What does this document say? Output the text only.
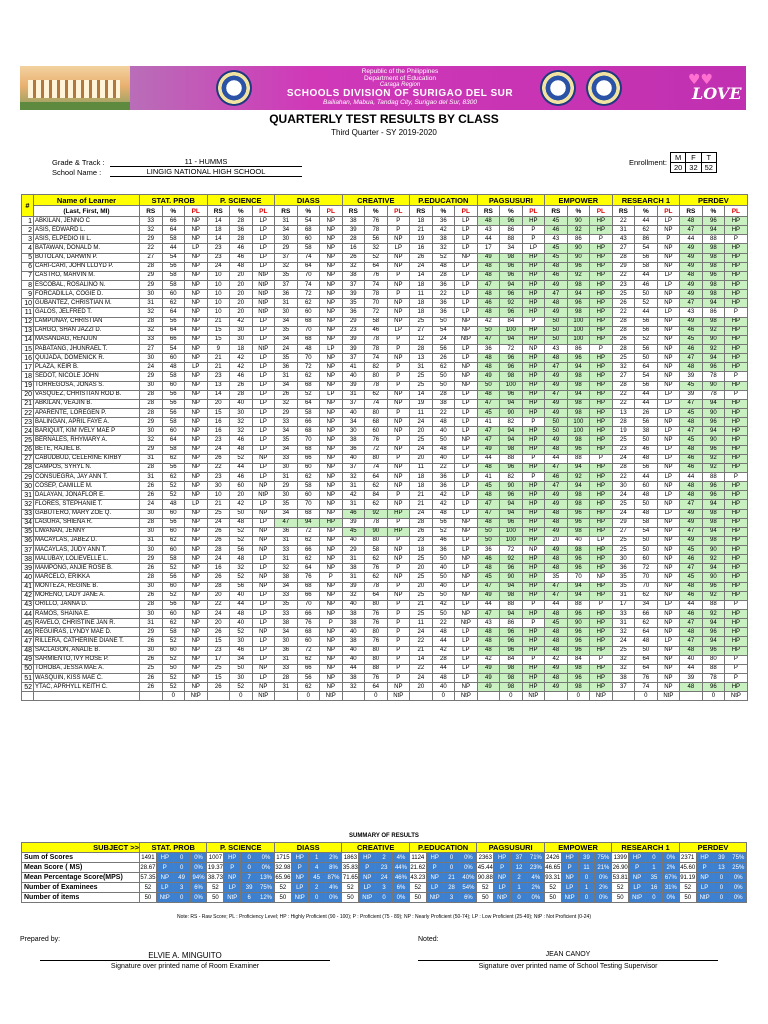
Republic of the Philippines
Department of Education
Caraga Region
SCHOOLS DIVISION OF SURIGAO DEL SUR
Bailiahan, Mabua, Tandag City, Surigao del Sur, 8300
♥♥
LOVE
QUARTERLY TEST RESULTS BY CLASS
Third Quarter - SY 2019-2020
Grade & Track :	11 - HUMMS
School Name :	LINGIG NATIONAL HIGH SCHOOL
Enrollment:	M	F	T
	20	32	52
#	Name of Learner	STAT. PROB			P. SCIENCE			DIASS			CREATIVE			P.EDUCATION			PAGSUSURI			EMPOWER			RESEARCH 1			PERDEV		
	(Last, First, MI)	RS	%	PL	RS	%	PL	RS	%	PL	RS	%	PL	RS	%	PL	RS	%	PL	RS	%	PL	RS	%	PL	RS	%	PL
1	ABKILAN, JENNO C	33	66	NP	14	28	LP	31	54	NP	38	76	P	18	36	LP	48	96	HP	45	90	HP	22	44	LP	48	96	HP
2	ASIS, EDWARD L.	32	64	NP	18	36	LP	34	68	NP	39	78	P	21	42	LP	43	86	P	46	92	HP	31	62	NP	47	94	HP
3	ASIS, ELPEDIO III L.	29	58	NP	14	28	LP	30	60	NP	28	56	NP	19	38	LP	44	88	P	43	86	P	43	86	P	44	88	P
4	BATAWAN, DONALD M.	22	44	LP	23	46	LP	29	58	NP	16	32	LP	16	32	LP	17	34	LP	45	90	HP	27	54	NP	49	98	HP
5	BUTOLAN, DARWIN P.	27	54	NP	23	46	LP	37	74	NP	26	52	NP	26	52	NP	49	98	HP	45	90	HP	28	56	NP	49	98	HP
6	CARI-CARI, JOHN LLOYD P.	28	56	NP	24	48	LP	32	64	NP	32	64	NP	24	48	LP	48	96	HP	48	96	HP	29	58	NP	49	98	HP
7	CASTRO, MARVIN M.	29	58	NP	10	20	NtP	35	70	NP	38	76	P	14	28	LP	48	96	HP	46	92	HP	22	44	LP	48	96	HP
8	ESCOBAL, ROSALINO N.	29	58	NP	10	20	NtP	37	74	NP	37	74	NP	18	36	LP	47	94	HP	49	98	HP	23	46	LP	49	98	HP
9	FORCADILLA, COGIE D.	30	60	NP	10	20	NtP	36	72	NP	39	78	P	11	22	LP	48	96	HP	47	94	HP	25	50	NP	49	98	HP
10	GUBANTEZ, CHRISTIAN M.	31	62	NP	10	20	NtP	31	62	NP	35	70	NP	18	36	LP	46	92	HP	48	96	HP	26	52	NP	47	94	HP
11	GALOS, JELFRED T.	32	64	NP	10	20	NtP	30	60	NP	36	72	NP	18	36	LP	48	96	HP	49	98	HP	22	44	LP	43	86	P
12	LAMPUNAY, CHRISTIAN	28	56	NP	21	42	LP	34	68	NP	29	58	NP	25	50	NP	42	84	P	50	100	HP	28	56	NP	49	98	HP
13	LARGO, SHAN JAZZI D.	32	64	NP	15	30	LP	35	70	NP	23	46	LP	27	54	NP	50	100	HP	50	100	HP	28	56	NP	46	92	HP
14	MASANDAG, RENJUN	33	66	NP	15	30	LP	34	68	NP	39	78	P	12	24	NtP	47	94	HP	50	100	HP	26	52	NP	45	90	HP
15	PABATANG, JHUNRAEL T.	27	54	NP	9	18	NtP	24	48	LP	39	78	P	28	56	LP	36	72	NP	43	86	P	28	56	NP	46	92	HP
16	QUIJADA, DOMENICK R.	30	60	NP	21	42	LP	35	70	NP	37	74	NP	13	26	LP	48	96	HP	48	96	HP	25	50	NP	47	94	HP
17	PLAZA, KEIR B.	24	48	LP	21	42	LP	36	72	NP	41	82	P	31	62	NP	48	96	HP	47	94	HP	32	64	NP	48	96	HP
18	SEDOT, NICOLE JOHN	29	58	NP	23	46	LP	31	62	NP	40	80	P	25	50	NP	49	98	HP	49	98	HP	27	54	NP	39	78	P
19	TORREGOSA, JONAS S.	30	60	NP	13	26	LP	34	68	NP	39	78	P	25	50	NP	50	100	HP	49	98	HP	28	56	NP	45	90	HP
20	VASQUEZ, CHRISTIAN ROD B.	28	56	NP	14	28	LP	26	52	LP	31	62	NP	14	28	LP	48	96	HP	47	94	HP	22	44	LP	39	78	P
21	ABKILAN, VEAJIN B.	28	56	NP	20	40	LP	32	64	NP	37	74	NP	19	38	LP	47	94	HP	49	98	HP	22	44	LP	47	94	HP
22	APARENTE, LOREGEN P.	28	56	NP	15	30	LP	29	58	NP	40	80	P	11	22	LP	45	90	HP	49	98	HP	13	26	LP	45	90	HP
23	BALINGAN, APRIL FAYE A.	29	58	NP	16	32	LP	33	66	NP	34	68	NP	24	48	LP	41	82	P	50	100	HP	28	56	NP	48	96	HP
24	BARIQUIT, KIM IVELY MAE P	30	60	NP	16	32	LP	34	68	NP	30	60	NP	20	40	LP	47	94	HP	50	100	HP	19	38	LP	47	94	HP
25	BERNALES, RHYMARY A.	32	64	NP	23	46	LP	35	70	NP	38	76	P	25	50	NP	47	94	HP	49	98	HP	25	50	NP	45	90	HP
26	BETE, RAJIEL B.	29	58	NP	24	48	LP	34	68	NP	36	72	NP	24	48	LP	49	98	HP	48	96	HP	23	46	LP	48	96	HP
27	CABUDBUD, CELERINE KIRBY	31	62	NP	26	52	NP	33	66	NP	40	80	P	20	40	LP	44	88	P	44	88	P	24	48	LP	46	92	HP
28	CAMPOS, SYRYL N.	28	56	NP	22	44	LP	30	60	NP	37	74	NP	11	22	LP	48	96	HP	47	94	HP	28	56	NP	46	92	HP
29	CONSUEGRA, JAY ANN T.	31	62	NP	23	46	LP	31	62	NP	32	64	NP	18	36	LP	41	82	P	46	92	HP	22	44	LP	44	88	P
30	COSEP, CAMILLE M.	26	52	NP	30	60	NP	29	58	NP	31	62	NP	18	36	LP	45	90	HP	47	94	HP	30	60	NP	48	96	HP
31	DALAYAN, JONAFLOR E.	26	52	NP	10	20	NtP	30	60	NP	42	84	P	21	42	LP	48	96	HP	49	98	HP	24	48	LP	48	96	HP
32	FLORES, STEPHANIE T.	24	48	LP	21	42	LP	35	70	NP	31	62	NP	21	42	LP	47	94	HP	49	98	HP	25	50	NP	47	94	HP
33	GABUTERO, MARY ZOE Q.	30	60	NP	25	50	NP	34	68	NP	46	92	HP	24	48	LP	47	94	HP	48	96	HP	24	48	LP	49	98	HP
34	LAGURA, SHIENA R.	28	56	NP	24	48	LP	47	94	HP	39	78	P	28	56	NP	48	96	HP	48	96	HP	29	58	NP	49	98	HP
35	LIWANAN, JENNY	30	60	NP	26	52	NP	36	72	NP	45	90	HP	26	52	NP	50	100	HP	49	98	HP	27	54	NP	47	94	HP
36	MACAYLAS, JABEZ D.	31	62	NP	26	52	NP	31	62	NP	40	80	P	23	46	LP	50	100	HP	20	40	LP	25	50	NP	49	98	HP
37	MACAYLAS, JUDY ANN T.	30	60	NP	28	56	NP	33	66	NP	29	58	NP	18	36	LP	36	72	NP	49	98	HP	25	50	NP	45	90	HP
38	MALUBAY, LOLIEVELLE L.	29	58	NP	24	48	LP	31	62	NP	31	62	NP	25	50	NP	46	92	HP	48	96	HP	30	60	NP	46	92	HP
39	MAMPONG, ANJIE ROSE B.	26	52	NP	16	32	LP	32	64	NP	38	76	P	20	40	LP	48	96	HP	48	96	HP	36	72	NP	47	94	HP
40	MARCELO, ERIKKA	28	56	NP	26	52	NP	38	76	P	31	62	NP	25	50	NP	45	90	HP	35	70	NP	35	70	NP	45	90	HP
41	MONTEZA, REGINE B.	30	60	NP	28	56	NP	34	68	NP	39	78	P	20	40	LP	47	94	HP	47	94	HP	35	70	NP	48	96	HP
42	MORENO, LADY JANE A.	26	52	NP	20	40	LP	33	66	NP	32	64	NP	25	50	NP	49	98	HP	47	94	HP	31	62	NP	46	92	HP
43	ORILLO, JANNA D.	28	56	NP	22	44	LP	35	70	NP	40	80	P	21	42	LP	44	88	P	44	88	P	17	34	LP	44	88	P
44	RAMOS, SHAINA E.	30	60	NP	24	48	LP	33	66	NP	38	76	P	25	50	NP	47	94	HP	48	96	HP	33	66	NP	46	92	HP
45	RAVELO, CHRISTINE JAN R.	31	62	NP	20	40	LP	38	76	P	38	76	P	11	22	NtP	43	86	P	45	90	HP	31	62	NP	47	94	HP
46	REGUIRAS, LYNDY MAE D.	29	58	NP	26	52	NP	34	68	NP	40	80	P	24	48	LP	48	96	HP	48	96	HP	32	64	NP	48	96	HP
47	RILLERA, CATHERINE DIANE T.	26	52	NP	15	30	LP	30	60	NP	38	76	P	22	44	LP	48	96	HP	48	96	HP	24	48	LP	47	94	HP
48	SACLAGON, ANALIE B.	30	60	NP	23	46	LP	36	72	NP	40	80	P	21	42	LP	48	96	HP	48	96	HP	25	50	NP	48	96	HP
49	SARMIENTO, IVY ROSE P.	26	52	NP	17	34	LP	31	62	NP	40	80	P	14	28	LP	42	84	P	42	84	P	32	64	NP	40	80	P
50	TOROBA, JESSA MAE A.	25	50	NP	25	50	NP	33	66	NP	44	88	P	22	44	LP	49	98	HP	49	98	HP	32	64	NP	44	88	P
51	WASQUIN, KISS MAE C.	26	52	NP	15	30	LP	28	56	NP	38	76	P	24	48	LP	49	98	HP	48	96	HP	38	76	NP	39	78	P
52	YTAC, APRHYLL KEITH C.	26	52	NP	26	52	NP	31	62	NP	32	64	NP	20	40	NP	49	98	HP	49	98	HP	37	74	NP	48	96	HP
			0	NtP		0	NtP		0	NtP		0	NtP		0	NtP		0	NtP		0	NtP		0	NtP		0	NtP
SUMMARY OF RESULTS
SUBJECT >>	STAT. PROB				P. SCIENCE				DIASS				CREATIVE				P.EDUCATION				PAGSUSURI				EMPOWER				RESEARCH 1				PERDEV			
Sum of Scores	1491	HP	0	0%	1007	HP	0	0%	1715	HP	1	2%	1863	HP	2	4%	1124	HP	0	0%	2363	HP	37	71%	2426	HP	39	75%	1399	HP	0	0%	2371	HP	39	75%
Mean Score ( MS)	28.67	P	0	0%	19.37	P	0	0%	32.98	P	4	8%	35.83	P	23	44%	21.62	P	0	0%	45.44	P	12	23%	46.65	P	11	21%	26.90	P	1	2%	45.60	P	13	25%
Mean Percentage Score(MPS)	57.35	NP	49	94%	38.73	NP	7	13%	65.96	NP	45	87%	71.65	NP	24	46%	43.23	NP	21	40%	90.88	NP	2	4%	93.31	NP	0	0%	53.81	NP	35	67%	91.19	NP	0	0%
Number of Examinees	52	LP	3	6%	52	LP	39	75%	52	LP	2	4%	52	LP	3	6%	52	LP	28	54%	52	LP	1	2%	52	LP	1	2%	52	LP	16	31%	52	LP	0	0%
Number of items	50	NtP	0	0%	50	NtP	6	12%	50	NtP	0	0%	50	NtP	0	0%	50	NtP	3	6%	50	NtP	0	0%	50	NtP	0	0%	50	NtP	0	0%	50	NtP	0	0%
Note: RS - Raw Score; PL : Proficiency Level; HP : Highly Proficient (90 - 100); P : Proficient (75 - 89); NP : Nearly Proficient (50-74); LP : Low Proficient (25-49); NtP : Not Proficient (0-24)
Prepared by:
ELVIE A. MINGUITO
Signature over printed name of Room Examiner
Noted:
JEAN CANOY
Signature over printed name of School Testing Supervisor
